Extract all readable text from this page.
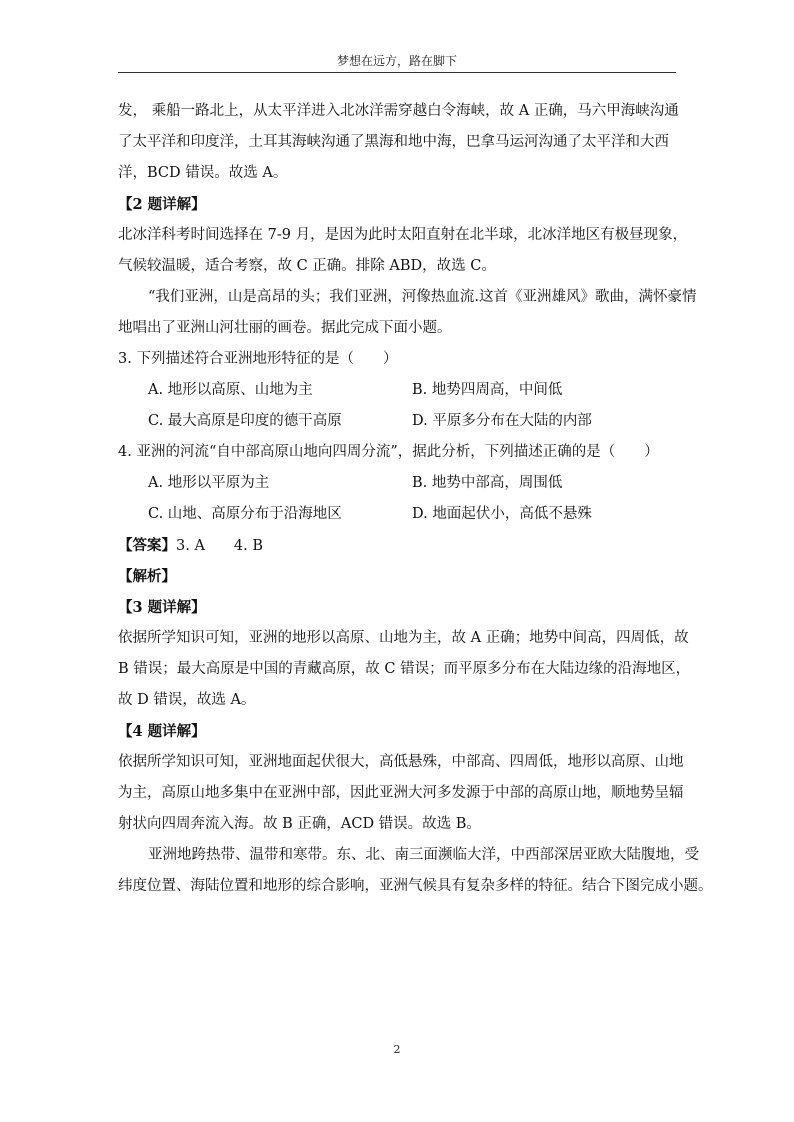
梦想在远方，路在脚下
发， 乘船一路北上，从太平洋进入北冰洋需穿越白令海峡，故 A 正确，马六甲海峡沟通
了太平洋和印度洋，土耳其海峡沟通了黑海和地中海，巴拿马运河沟通了太平洋和大西
洋，BCD 错误。故选 A。
【2 题详解】
北冰洋科考时间选择在 7-9 月，是因为此时太阳直射在北半球，北冰洋地区有极昼现象，
气候较温暖，适合考察，故 C 正确。排除 ABD，故选 C。
“我们亚洲，山是高昂的头；我们亚洲，河像热血流.这首《亚洲雄风》歌曲，满怀豪情
地唱出了亚洲山河壮丽的画卷。据此完成下面小题。
3. 下列描述符合亚洲地形特征的是（　　）
A. 地形以高原、山地为主	B. 地势四周高，中间低
C. 最大高原是印度的德干高原	D. 平原多分布在大陆的内部
4. 亚洲的河流“自中部高原山地向四周分流”，据此分析，下列描述正确的是（　　）
A. 地形以平原为主	B. 地势中部高，周围低
C. 山地、高原分布于沿海地区	D. 地面起伏小，高低不悬殊
【答案】3. A　　4. B
【解析】
【3 题详解】
依据所学知识可知，亚洲的地形以高原、山地为主，故 A 正确；地势中间高，四周低，故
B 错误；最大高原是中国的青藏高原，故 C 错误；而平原多分布在大陆边缘的沿海地区，
故 D 错误，故选 A。
【4 题详解】
依据所学知识可知，亚洲地面起伏很大，高低悬殊，中部高、四周低，地形以高原、山地
为主，高原山地多集中在亚洲中部，因此亚洲大河多发源于中部的高原山地，顺地势呈辐
射状向四周奔流入海。故 B 正确，ACD 错误。故选 B。
亚洲地跨热带、温带和寒带。东、北、南三面濒临大洋，中西部深居亚欧大陆腹地，受
纬度位置、海陆位置和地形的综合影响，亚洲气候具有复杂多样的特征。结合下图完成小题。
2
